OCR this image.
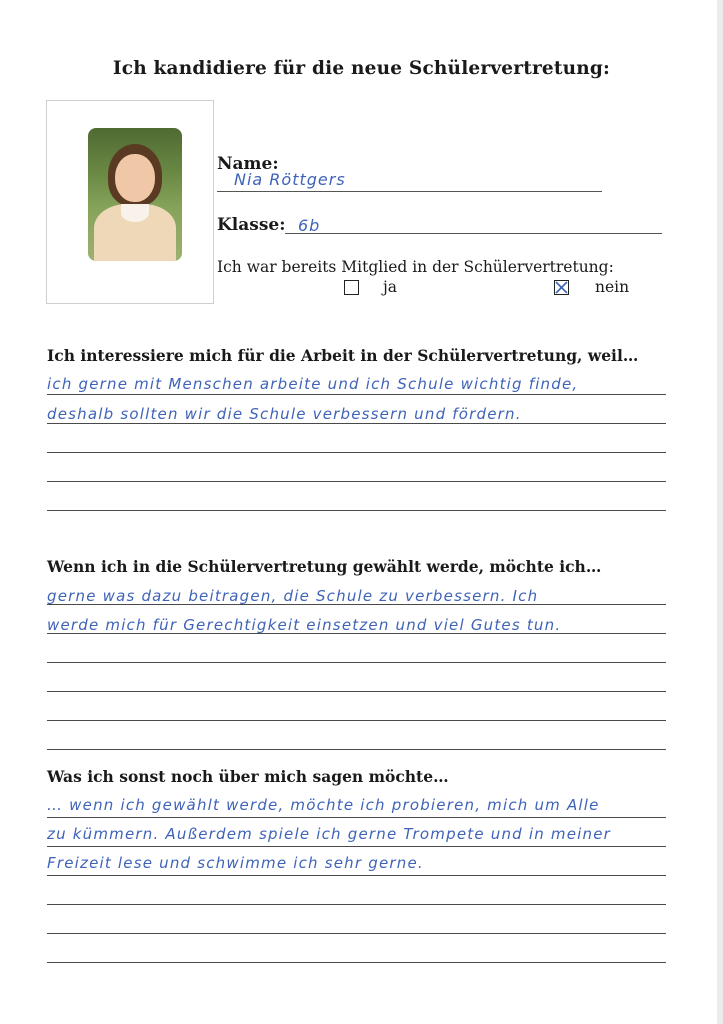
Ich kandidiere für die neue Schülervertretung:
Name:
Nia Röttgers
Klasse: 6b
Ich war bereits Mitglied in der Schülervertretung:
ja	nein
Ich interessiere mich für die Arbeit in der Schülervertretung, weil…
ich gerne mit Menschen arbeite und ich Schule wichtig finde,
deshalb sollten wir die Schule verbessern und fördern.
Wenn ich in die Schülervertretung gewählt werde, möchte ich…
gerne was dazu beitragen, die Schule zu verbessern. Ich
werde mich für Gerechtigkeit einsetzen und viel Gutes tun.
Was ich sonst noch über mich sagen möchte…
… wenn ich gewählt werde, möchte ich probieren, mich um Alle
zu kümmern. Außerdem spiele ich gerne Trompete und in meiner
Freizeit lese und schwimme ich sehr gerne.
